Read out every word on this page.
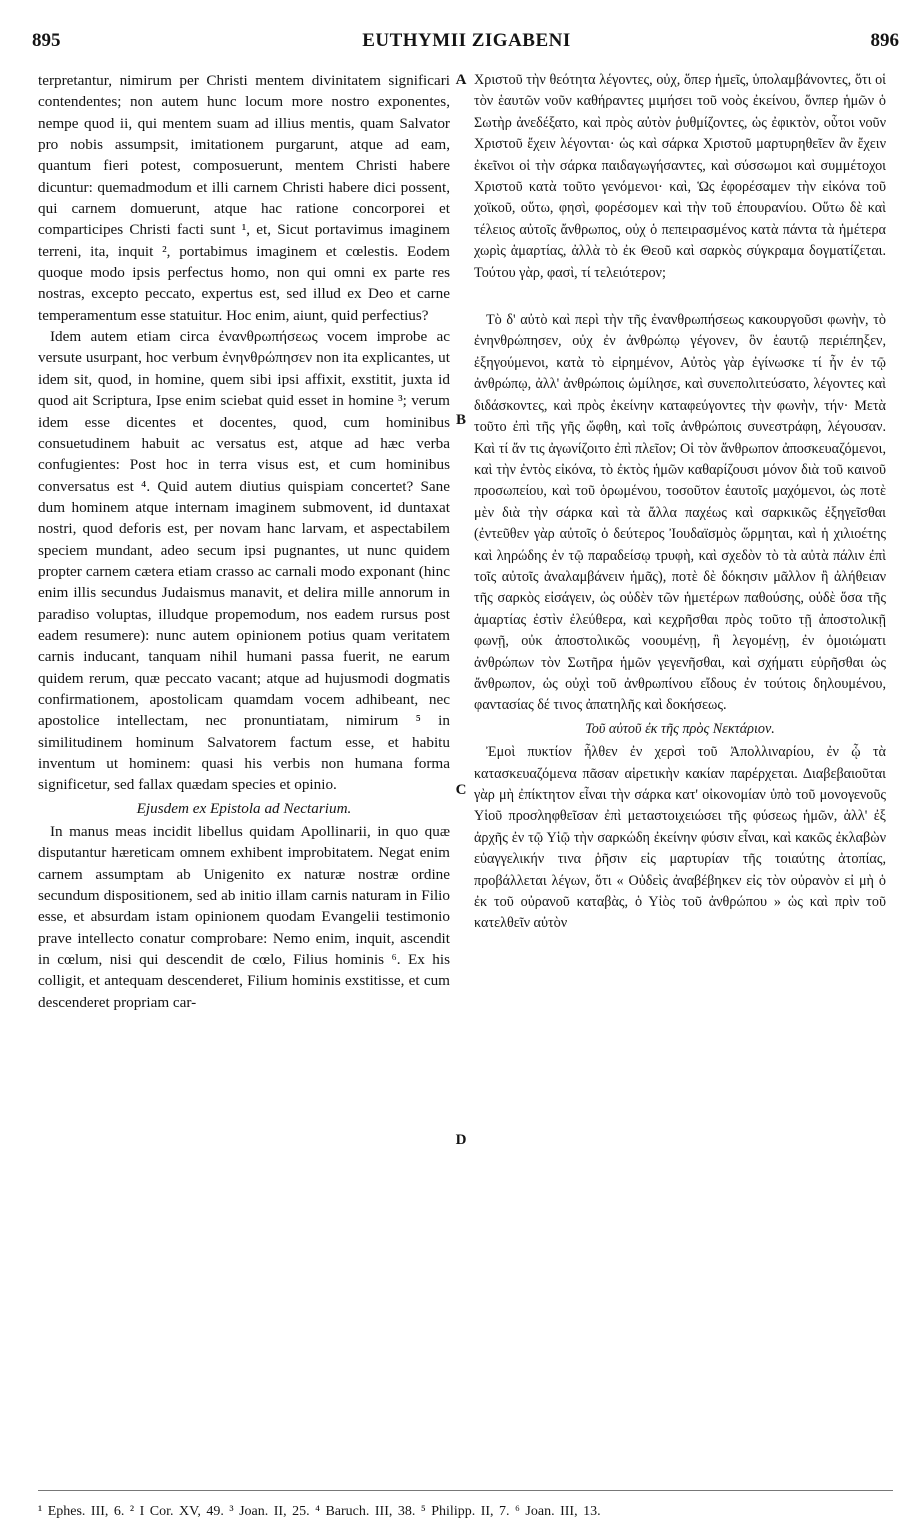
895	EUTHYMII ZIGABENI	896

terpretantur, nimirum per Christi mentem divinitatem significari contendentes; non autem hunc locum more nostro exponentes, nempe quod ii, qui mentem suam ad illius mentis, quam Salvator pro nobis assumpsit, imitationem purgarunt, atque ad eam, quantum fieri potest, composuerunt, mentem Christi habere dicuntur: quemadmodum et illi carnem Christi habere dici possent, qui carnem domuerunt, atque hac ratione concorporei et comparticipes Christi facti sunt ¹, et, Sicut portavimus imaginem terreni, ita, inquit ², portabimus imaginem et cœlestis. Eodem quoque modo ipsis perfectus homo, non qui omni ex parte res nostras, excepto peccato, expertus est, sed illud ex Deo et carne temperamentum esse statuitur. Hoc enim, aiunt, quid perfectius?

Idem autem etiam circa ἐνανθρωπήσεως vocem improbe ac versute usurpant, hoc verbum ἐνηνθρώπησεν non ita explicantes, ut idem sit, quod, in homine, quem sibi ipsi affixit, exstitit, juxta id quod ait Scriptura, Ipse enim sciebat quid esset in homine ³; verum idem esse dicentes et docentes, quod, cum hominibus consuetudinem habuit ac versatus est, atque ad hæc verba confugientes: Post hoc in terra visus est, et cum hominibus conversatus est ⁴. Quid autem diutius quispiam concertet? Sane dum hominem atque internam imaginem submovent, id duntaxat nostri, quod deforis est, per novam hanc larvam, et aspectabilem speciem mundant, adeo secum ipsi pugnantes, ut nunc quidem propter carnem cætera etiam crasso ac carnali modo exponant (hinc enim illis secundus Judaismus manavit, et delira mille annorum in paradiso voluptas, illudque propemodum, nos eadem rursus post eadem resumere): nunc autem opinionem potius quam veritatem carnis inducant, tanquam nihil humani passa fuerit, ne earum quidem rerum, quæ peccato vacant; atque ad hujusmodi dogmatis confirmationem, apostolicam quamdam vocem adhibeant, nec apostolice intellectam, nec pronuntiatam, nimirum ⁵ in similitudinem hominum Salvatorem factum esse, et habitu inventum ut hominem: quasi his verbis non humana forma significetur, sed fallax quædam species et opinio.

Ejusdem ex Epistola ad Nectarium.

In manus meas incidit libellus quidam Apollinarii, in quo quæ disputantur hæreticam omnem exhibent improbitatem. Negat enim carnem assumptam ab Unigenito ex naturæ nostræ ordine secundum dispositionem, sed ab initio illam carnis naturam in Filio esse, et absurdam istam opinionem quodam Evangelii testimonio prave intellecto conatur comprobare: Nemo enim, inquit, ascendit in cœlum, nisi qui descendit de cœlo, Filius hominis ⁶. Ex his colligit, et antequam descenderet, Filium hominis exstitisse, et cum descenderet propriam car-

A
B
C
D

Χριστοῦ τὴν θεότητα λέγοντες, οὐχ, ὅπερ ἡμεῖς, ὑπολαμβάνοντες, ὅτι οἱ τὸν ἑαυτῶν νοῦν καθήραντες μιμήσει τοῦ νοὸς ἐκείνου, ὅνπερ ἡμῶν ὁ Σωτὴρ ἀνεδέξατο, καὶ πρὸς αὐτὸν ῥυθμίζοντες, ὡς ἐφικτὸν, οὗτοι νοῦν Χριστοῦ ἔχειν λέγονται· ὡς καὶ σάρκα Χριστοῦ μαρτυρηθεῖεν ἂν ἔχειν ἐκεῖνοι οἱ τὴν σάρκα παιδαγωγήσαντες, καὶ σύσσωμοι καὶ συμμέτοχοι Χριστοῦ κατὰ τοῦτο γενόμενοι· καὶ, Ὡς ἐφορέσαμεν τὴν εἰκόνα τοῦ χοϊκοῦ, οὕτω, φησὶ, φορέσομεν καὶ τὴν τοῦ ἐπουρανίου. Οὕτω δὲ καὶ τέλειος αὐτοῖς ἄνθρωπος, οὐχ ὁ πεπειρασμένος κατὰ πάντα τὰ ἡμέτερα χωρὶς ἁμαρτίας, ἀλλὰ τὸ ἐκ Θεοῦ καὶ σαρκὸς σύγκραμα δογματίζεται. Τούτου γὰρ, φασὶ, τί τελειότερον;

Τὸ δ' αὐτὸ καὶ περὶ τὴν τῆς ἐνανθρωπήσεως κακουργοῦσι φωνὴν, τὸ ἐνηνθρώπησεν, οὐχ ἐν ἀνθρώπῳ γέγονεν, ὃν ἑαυτῷ περιέπηξεν, ἐξηγούμενοι, κατὰ τὸ εἰρημένον, Αὐτὸς γὰρ ἐγίνωσκε τί ἦν ἐν τῷ ἀνθρώπῳ, ἀλλ' ἀνθρώποις ὡμίλησε, καὶ συνεπολιτεύσατο, λέγοντες καὶ διδάσκοντες, καὶ πρὸς ἐκείνην καταφεύγοντες τὴν φωνὴν, τήν· Μετὰ τοῦτο ἐπὶ τῆς γῆς ὤφθη, καὶ τοῖς ἀνθρώποις συνεστράφη, λέγουσαν. Καὶ τί ἄν τις ἀγωνίζοιτο ἐπὶ πλεῖον; Οἱ τὸν ἄνθρωπον ἀποσκευαζόμενοι, καὶ τὴν ἐντὸς εἰκόνα, τὸ ἐκτὸς ἡμῶν καθαρίζουσι μόνον διὰ τοῦ καινοῦ προσωπείου, καὶ τοῦ ὁρωμένου, τοσοῦτον ἑαυτοῖς μαχόμενοι, ὡς ποτὲ μὲν διὰ τὴν σάρκα καὶ τὰ ἄλλα παχέως καὶ σαρκικῶς ἐξηγεῖσθαι (ἐντεῦθεν γὰρ αὐτοῖς ὁ δεύτερος Ἰουδαϊσμὸς ὥρμηται, καὶ ἡ χιλιοέτης καὶ ληρώδης ἐν τῷ παραδείσῳ τρυφὴ, καὶ σχεδὸν τὸ τὰ αὐτὰ πάλιν ἐπὶ τοῖς αὐτοῖς ἀναλαμβάνειν ἡμᾶς), ποτὲ δὲ δόκησιν μᾶλλον ἢ ἀλήθειαν τῆς σαρκὸς εἰσάγειν, ὡς οὐδὲν τῶν ἡμετέρων παθούσης, οὐδὲ ὅσα τῆς ἁμαρτίας ἐστὶν ἐλεύθερα, καὶ κεχρῆσθαι πρὸς τοῦτο τῇ ἀποστολικῇ φωνῇ, οὐκ ἀποστολικῶς νοουμένῃ, ἢ λεγομένῃ, ἐν ὁμοιώματι ἀνθρώπων τὸν Σωτῆρα ἡμῶν γεγενῆσθαι, καὶ σχήματι εὑρῆσθαι ὡς ἄνθρωπον, ὡς οὐχὶ τοῦ ἀνθρωπίνου εἴδους ἐν τούτοις δηλουμένου, φαντασίας δέ τινος ἀπατηλῆς καὶ δοκήσεως.

Τοῦ αὐτοῦ ἐκ τῆς πρὸς Νεκτάριον.

Ἐμοὶ πυκτίον ἦλθεν ἐν χερσὶ τοῦ Ἀπολλιναρίου, ἐν ᾧ τὰ κατασκευαζόμενα πᾶσαν αἱρετικὴν κακίαν παρέρχεται. Διαβεβαιοῦται γὰρ μὴ ἐπίκτητον εἶναι τὴν σάρκα κατ' οἰκονομίαν ὑπὸ τοῦ μονογενοῦς Υἱοῦ προσληφθεῖσαν ἐπὶ μεταστοιχειώσει τῆς φύσεως ἡμῶν, ἀλλ' ἐξ ἀρχῆς ἐν τῷ Υἱῷ τὴν σαρκώδη ἐκείνην φύσιν εἶναι, καὶ κακῶς ἐκλαβὼν εὐαγγελικήν τινα ῥῆσιν εἰς μαρτυρίαν τῆς τοιαύτης ἀτοπίας, προβάλλεται λέγων, ὅτι « Οὐδεὶς ἀναβέβηκεν εἰς τὸν οὐρανὸν εἰ μὴ ὁ ἐκ τοῦ οὐρανοῦ καταβὰς, ὁ Υἱὸς τοῦ ἀνθρώπου » ὡς καὶ πρὶν τοῦ κατελθεῖν αὐτὸν

¹ Ephes. III, 6. ² I Cor. XV, 49. ³ Joan. II, 25. ⁴ Baruch. III, 38. ⁵ Philipp. II, 7. ⁶ Joan. III, 13.
